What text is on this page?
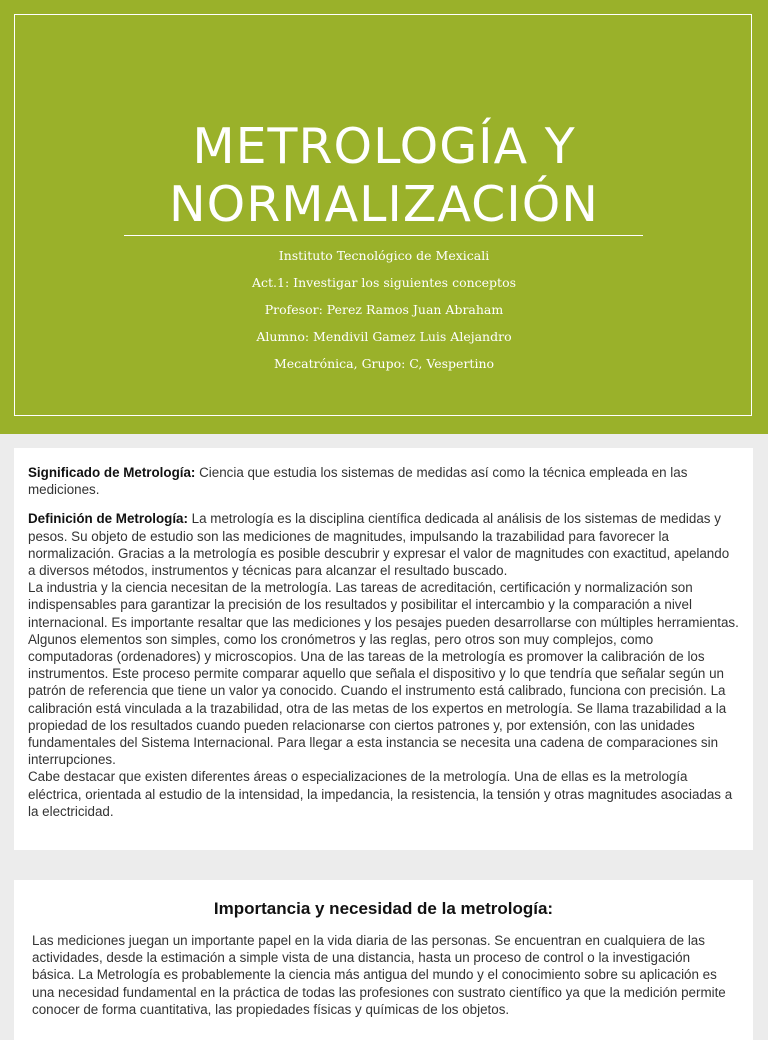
METROLOGÍA Y
NORMALIZACIÓN
Instituto Tecnológico de Mexicali
Act.1: Investigar los siguientes conceptos
Profesor: Perez Ramos Juan Abraham
Alumno: Mendivil Gamez Luis Alejandro
Mecatrónica, Grupo: C, Vespertino

Significado de Metrología: Ciencia que estudia los sistemas de medidas así como la técnica empleada en las mediciones.

Definición de Metrología: La metrología es la disciplina científica dedicada al análisis de los sistemas de medidas y pesos. Su objeto de estudio son las mediciones de magnitudes, impulsando la trazabilidad para favorecer la normalización. Gracias a la metrología es posible descubrir y expresar el valor de magnitudes con exactitud, apelando a diversos métodos, instrumentos y técnicas para alcanzar el resultado buscado.

La industria y la ciencia necesitan de la metrología. Las tareas de acreditación, certificación y normalización son indispensables para garantizar la precisión de los resultados y posibilitar el intercambio y la comparación a nivel internacional. Es importante resaltar que las mediciones y los pesajes pueden desarrollarse con múltiples herramientas. Algunos elementos son simples, como los cronómetros y las reglas, pero otros son muy complejos, como computadoras (ordenadores) y microscopios. Una de las tareas de la metrología es promover la calibración de los instrumentos. Este proceso permite comparar aquello que señala el dispositivo y lo que tendría que señalar según un patrón de referencia que tiene un valor ya conocido. Cuando el instrumento está calibrado, funciona con precisión. La calibración está vinculada a la trazabilidad, otra de las metas de los expertos en metrología. Se llama trazabilidad a la propiedad de los resultados cuando pueden relacionarse con ciertos patrones y, por extensión, con las unidades fundamentales del Sistema Internacional. Para llegar a esta instancia se necesita una cadena de comparaciones sin interrupciones.

Cabe destacar que existen diferentes áreas o especializaciones de la metrología. Una de ellas es la metrología eléctrica, orientada al estudio de la intensidad, la impedancia, la resistencia, la tensión y otras magnitudes asociadas a la electricidad.

Importancia y necesidad de la metrología:

Las mediciones juegan un importante papel en la vida diaria de las personas. Se encuentran en cualquiera de las actividades, desde la estimación a simple vista de una distancia, hasta un proceso de control o la investigación básica. La Metrología es probablemente la ciencia más antigua del mundo y el conocimiento sobre su aplicación es una necesidad fundamental en la práctica de todas las profesiones con sustrato científico ya que la medición permite conocer de forma cuantitativa, las propiedades físicas y químicas de los objetos.
